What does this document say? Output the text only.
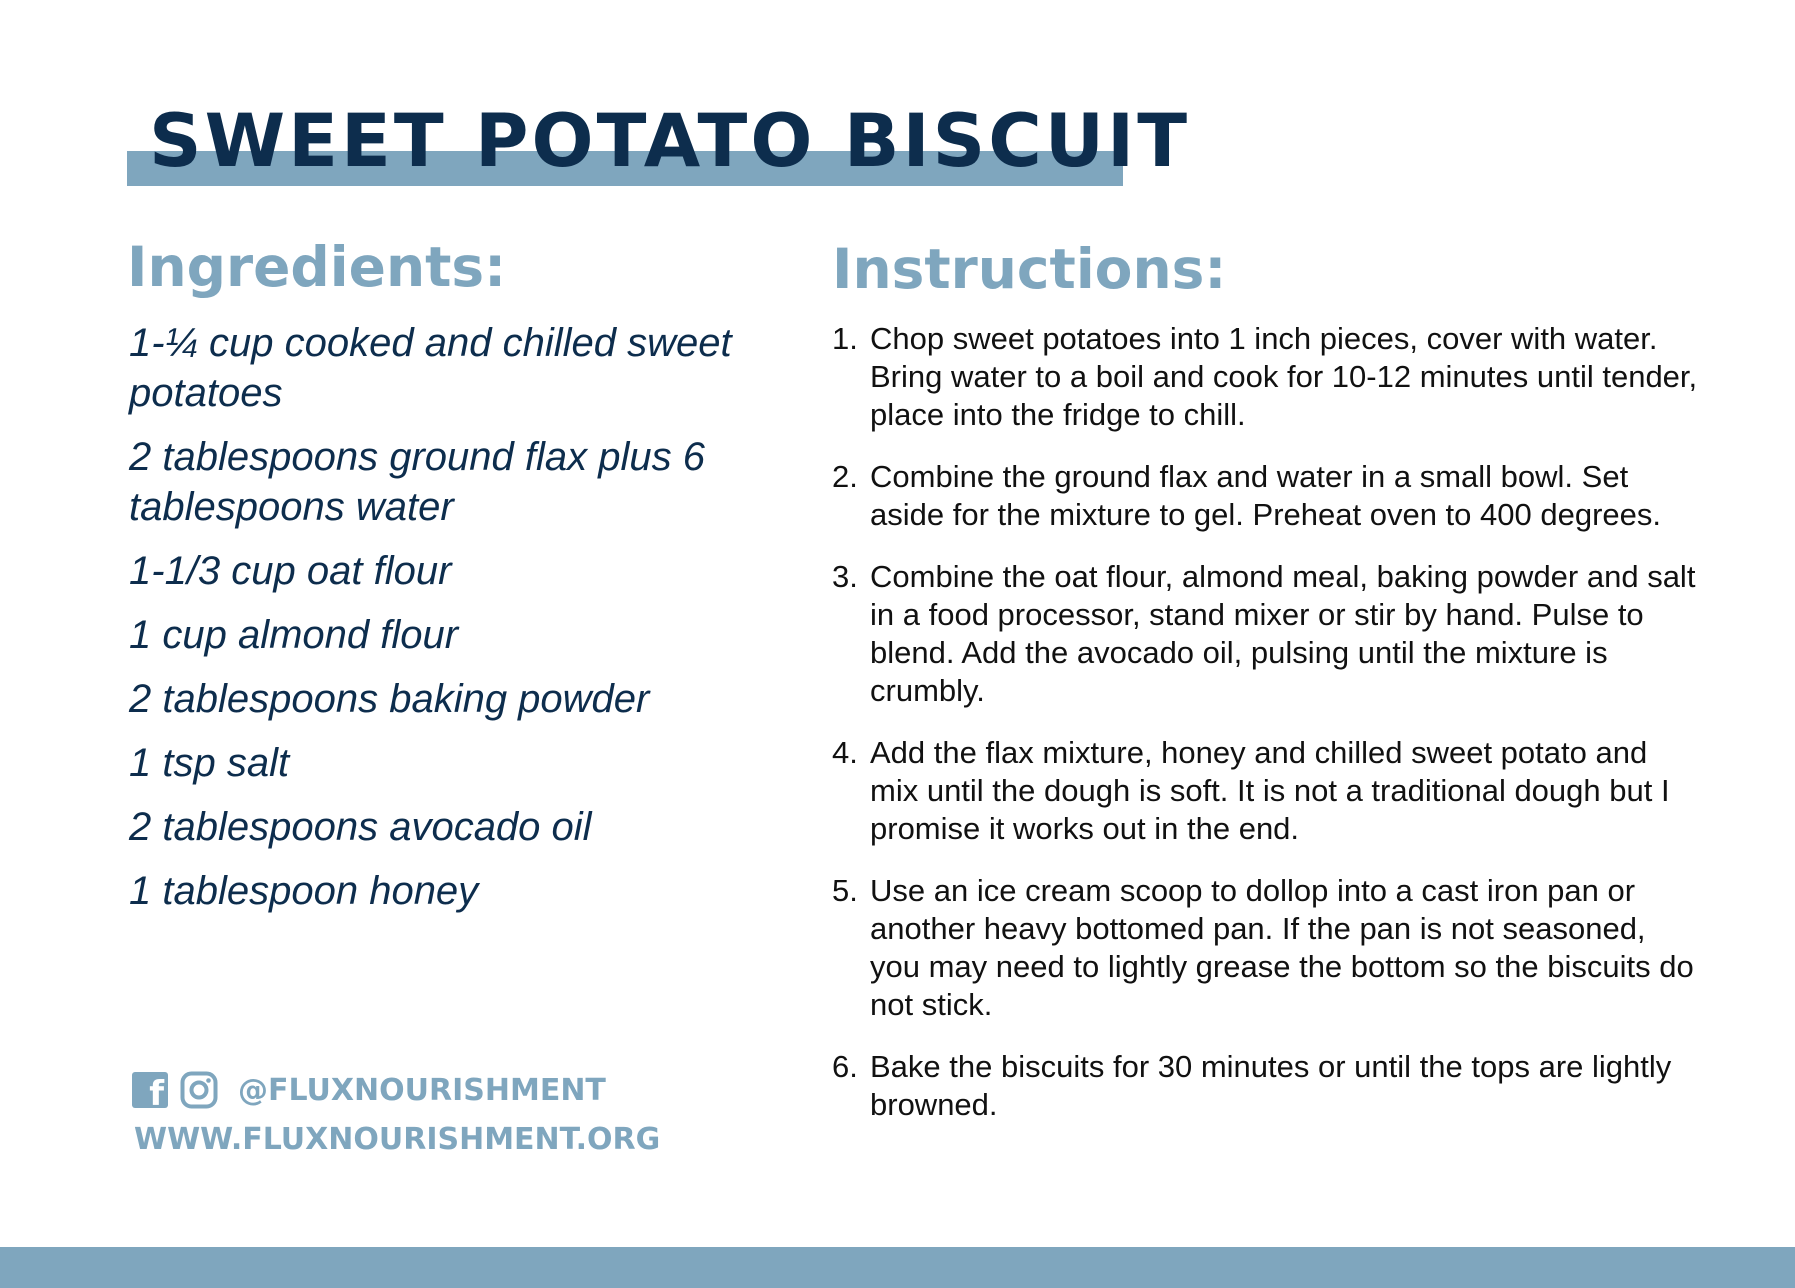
SWEET POTATO BISCUIT
Ingredients:
1-¼ cup cooked and chilled sweet potatoes
2 tablespoons ground flax plus 6 tablespoons water
1-1/3 cup oat flour
1 cup almond flour
2 tablespoons baking powder
1 tsp salt
2 tablespoons avocado oil
1 tablespoon honey
Instructions:
1. Chop sweet potatoes into 1 inch pieces, cover with water. Bring water to a boil and cook for 10-12 minutes until tender, place into the fridge to chill.
2. Combine the ground flax and water in a small bowl. Set aside for the mixture to gel. Preheat oven to 400 degrees.
3. Combine the oat flour, almond meal, baking powder and salt in a food processor, stand mixer or stir by hand. Pulse to blend. Add the avocado oil, pulsing until the mixture is crumbly.
4. Add the flax mixture, honey and chilled sweet potato and mix until the dough is soft. It is not a traditional dough but I promise it works out in the end.
5. Use an ice cream scoop to dollop into a cast iron pan or another heavy bottomed pan. If the pan is not seasoned, you may need to lightly grease the bottom so the biscuits do not stick.
6. Bake the biscuits for 30 minutes or until the tops are lightly browned.
f @FLUXNOURISHMENT
WWW.FLUXNOURISHMENT.ORG
